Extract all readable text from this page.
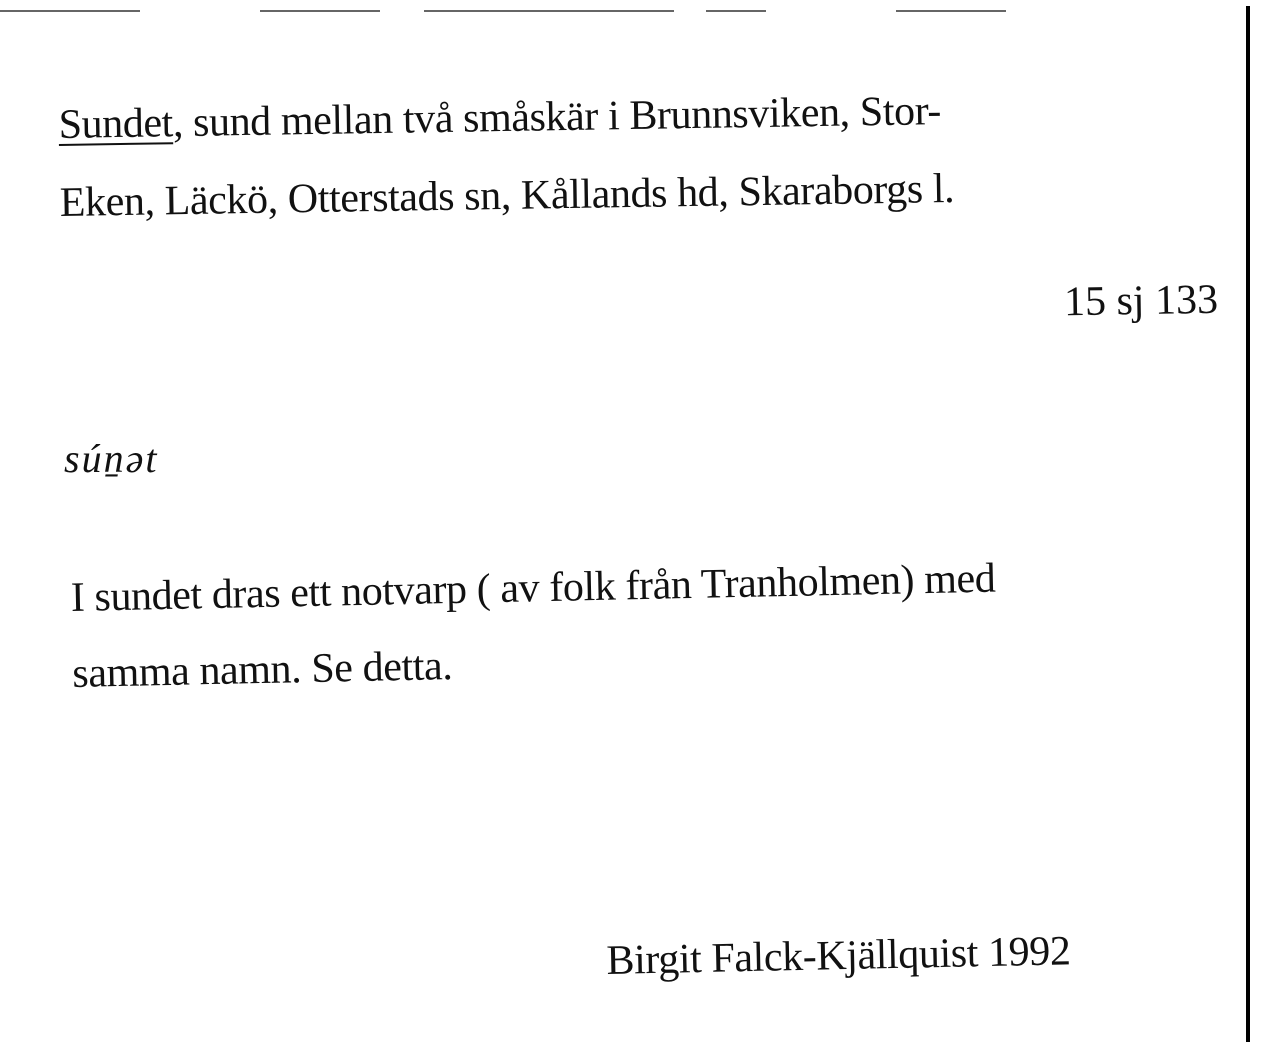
Sundet, sund mellan två småskär i Brunnsviken, Stor-
Eken, Läckö, Otterstads sn, Kållands hd, Skaraborgs l.
15 sj 133
súṉət
I sundet dras ett notvarp ( av folk från Tranholmen) med
samma namn. Se detta.
Birgit Falck-Kjällquist 1992
